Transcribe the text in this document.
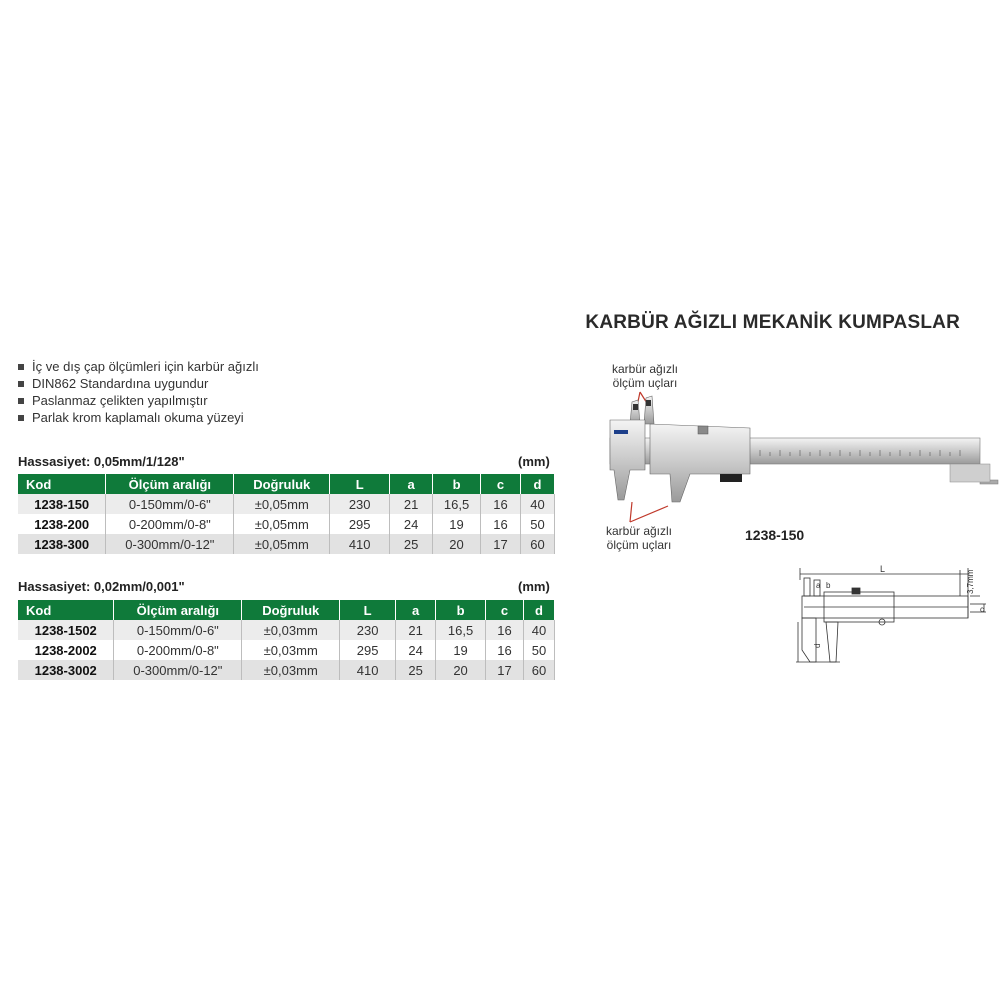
KARBÜR AĞIZLI MEKANİK KUMPASLAR
İç ve dış çap ölçümleri için karbür ağızlı
DIN862 Standardına uygundur
Paslanmaz çelikten yapılmıştır
Parlak krom kaplamalı okuma yüzeyi
Hassasiyet: 0,05mm/1/128"	(mm)
Kod	Ölçüm aralığı	Doğruluk	L	a	b	c	d
1238-150	0-150mm/0-6"	±0,05mm	230	21	16,5	16	40
1238-200	0-200mm/0-8"	±0,05mm	295	24	19	16	50
1238-300	0-300mm/0-12"	±0,05mm	410	25	20	17	60
Hassasiyet: 0,02mm/0,001"	(mm)
Kod	Ölçüm aralığı	Doğruluk	L	a	b	c	d
1238-1502	0-150mm/0-6"	±0,03mm	230	21	16,5	16	40
1238-2002	0-200mm/0-8"	±0,03mm	295	24	19	16	50
1238-3002	0-300mm/0-12"	±0,03mm	410	25	20	17	60
karbür ağızlı
ölçüm uçları
karbür ağızlı
ölçüm uçları
1238-150
L
a b
c
d
3,7mm
